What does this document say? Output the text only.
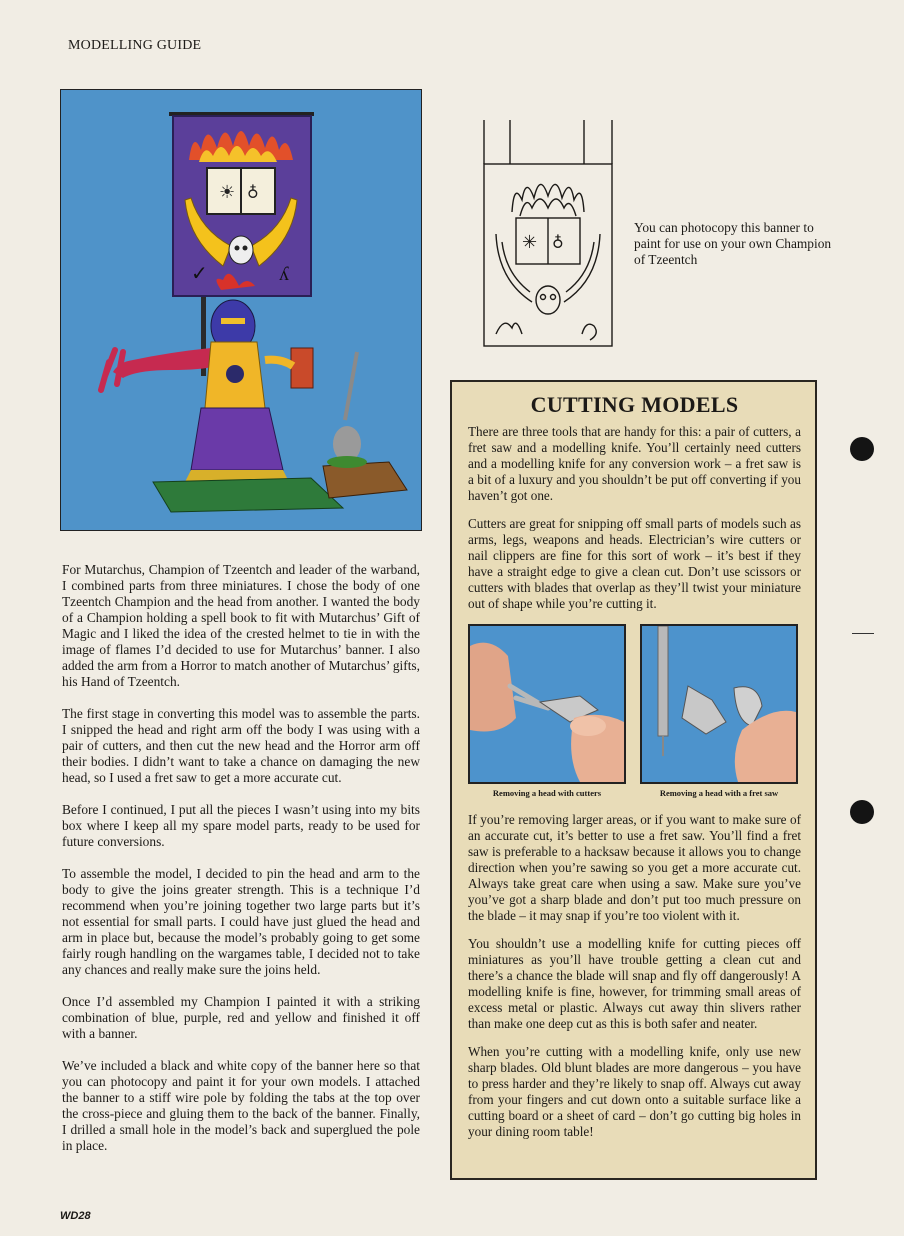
MODELLING GUIDE
☀ ♁
✓	ʎ

For Mutarchus, Champion of Tzeentch and leader of the warband, I combined parts from three miniatures. I chose the body of one Tzeentch Champion and the head from another. I wanted the body of a Champion holding a spell book to fit with Mutarchus’ Gift of Magic and I liked the idea of the crested helmet to tie in with the image of flames I’d decided to use for Mutarchus’ banner. I also added the arm from a Horror to match another of Mutarchus’ gifts, his Hand of Tzeentch.

The first stage in converting this model was to assemble the parts. I snipped the head and right arm off the body I was using with a pair of cutters, and then cut the new head and the Horror arm off their bodies. I didn’t want to take a chance on damaging the new head, so I used a fret saw to get a more accurate cut.

Before I continued, I put all the pieces I wasn’t using into my bits box where I keep all my spare model parts, ready to be used for future conversions.

To assemble the model, I decided to pin the head and arm to the body to give the joins greater strength. This is a technique I’d recommend when you’re joining together two large parts but it’s not essential for small parts. I could have just glued the head and arm in place but, because the model’s probably going to get some fairly rough handling on the wargames table, I decided not to take any chances and really make sure the joins held.

Once I’d assembled my Champion I painted it with a striking combination of blue, purple, red and yellow and finished it off with a banner.

We’ve included a black and white copy of the banner here so that you can photocopy and paint it for your own models. I attached the banner to a stiff wire pole by folding the tabs at the top over the cross-piece and gluing them to the back of the banner. Finally, I drilled a small hole in the model’s back and superglued the pole in place.

✳ ♁
You can photocopy this banner to paint for use on your own Champion of Tzeentch
CUTTING MODELS

There are three tools that are handy for this: a pair of cutters, a fret saw and a modelling knife. You’ll certainly need cutters and a modelling knife for any conversion work – a fret saw is a bit of a luxury and you shouldn’t be put off converting if you haven’t got one.

Cutters are great for snipping off small parts of models such as arms, legs, weapons and heads. Electrician’s wire cutters or nail clippers are fine for this sort of work – it’s best if they have a straight edge to give a clean cut. Don’t use scissors or cutters with blades that overlap as they’ll twist your miniature out of shape while you’re cutting it.

Removing a head with cutters	Removing a head with a fret saw

If you’re removing larger areas, or if you want to make sure of an accurate cut, it’s better to use a fret saw. You’ll find a fret saw is preferable to a hacksaw because it allows you to change direction when you’re sawing so you get a more accurate cut. Always take great care when using a saw. Make sure you’ve you’ve got a sharp blade and don’t put too much pressure on the blade – it may snap if you’re too violent with it.

You shouldn’t use a modelling knife for cutting pieces off miniatures as you’ll have trouble getting a clean cut and there’s a chance the blade will snap and fly off dangerously! A modelling knife is fine, however, for trimming small areas of excess metal or plastic. Always cut away thin slivers rather than make one deep cut as this is both safer and neater.

When you’re cutting with a modelling knife, only use new sharp blades. Old blunt blades are more dangerous – you have to press harder and they’re likely to snap off. Always cut away from your fingers and cut down onto a suitable surface like a cutting board or a sheet of card – don’t go cutting big holes in your dining room table!

WD28
